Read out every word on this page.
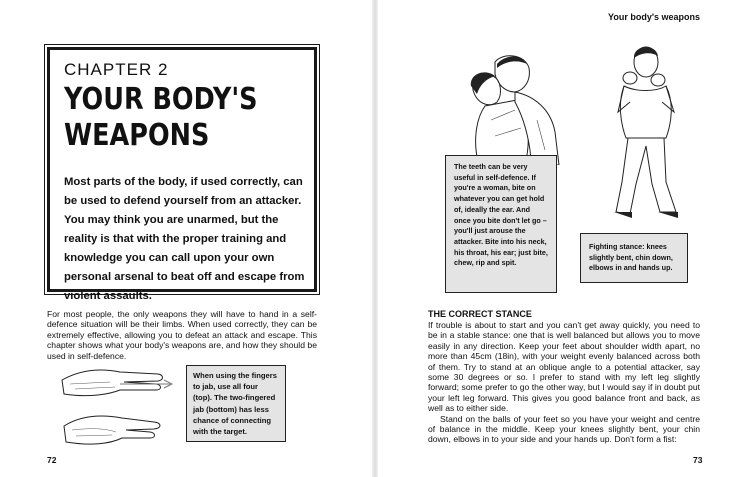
CHAPTER 2
YOUR BODY'S WEAPONS
Most parts of the body, if used correctly, can be used to defend yourself from an attacker. You may think you are unarmed, but the reality is that with the proper training and knowledge you can call upon your own personal arsenal to beat off and escape from violent assaults.
For most people, the only weapons they will have to hand in a self-defence situation will be their limbs. When used correctly, they can be extremely effective, allowing you to defeat an attack and escape. This chapter shows what your body's weapons are, and how they should be used in self-defence.
When using the fingers to jab, use all four (top). The two-fingered jab (bottom) has less chance of connecting with the target.
72
Your body's weapons
The teeth can be very useful in self-defence. If you're a woman, bite on whatever you can get hold of, ideally the ear. And once you bite don't let go – you'll just arouse the attacker. Bite into his neck, his throat, his ear; just bite, chew, rip and spit.
Fighting stance: knees slightly bent, chin down, elbows in and hands up.
THE CORRECT STANCE

If trouble is about to start and you can't get away quickly, you need to be in a stable stance: one that is well balanced but allows you to move easily in any direction. Keep your feet about shoulder width apart, no more than 45cm (18in), with your weight evenly balanced across both of them. Try to stand at an oblique angle to a potential attacker, say some 30 degrees or so. I prefer to stand with my left leg slightly forward; some prefer to go the other way, but I would say if in doubt put your left leg forward. This gives you good balance front and back, as well as to either side.

Stand on the balls of your feet so you have your weight and centre of balance in the middle. Keep your knees slightly bent, your chin down, elbows in to your side and your hands up. Don't form a fist:

73
